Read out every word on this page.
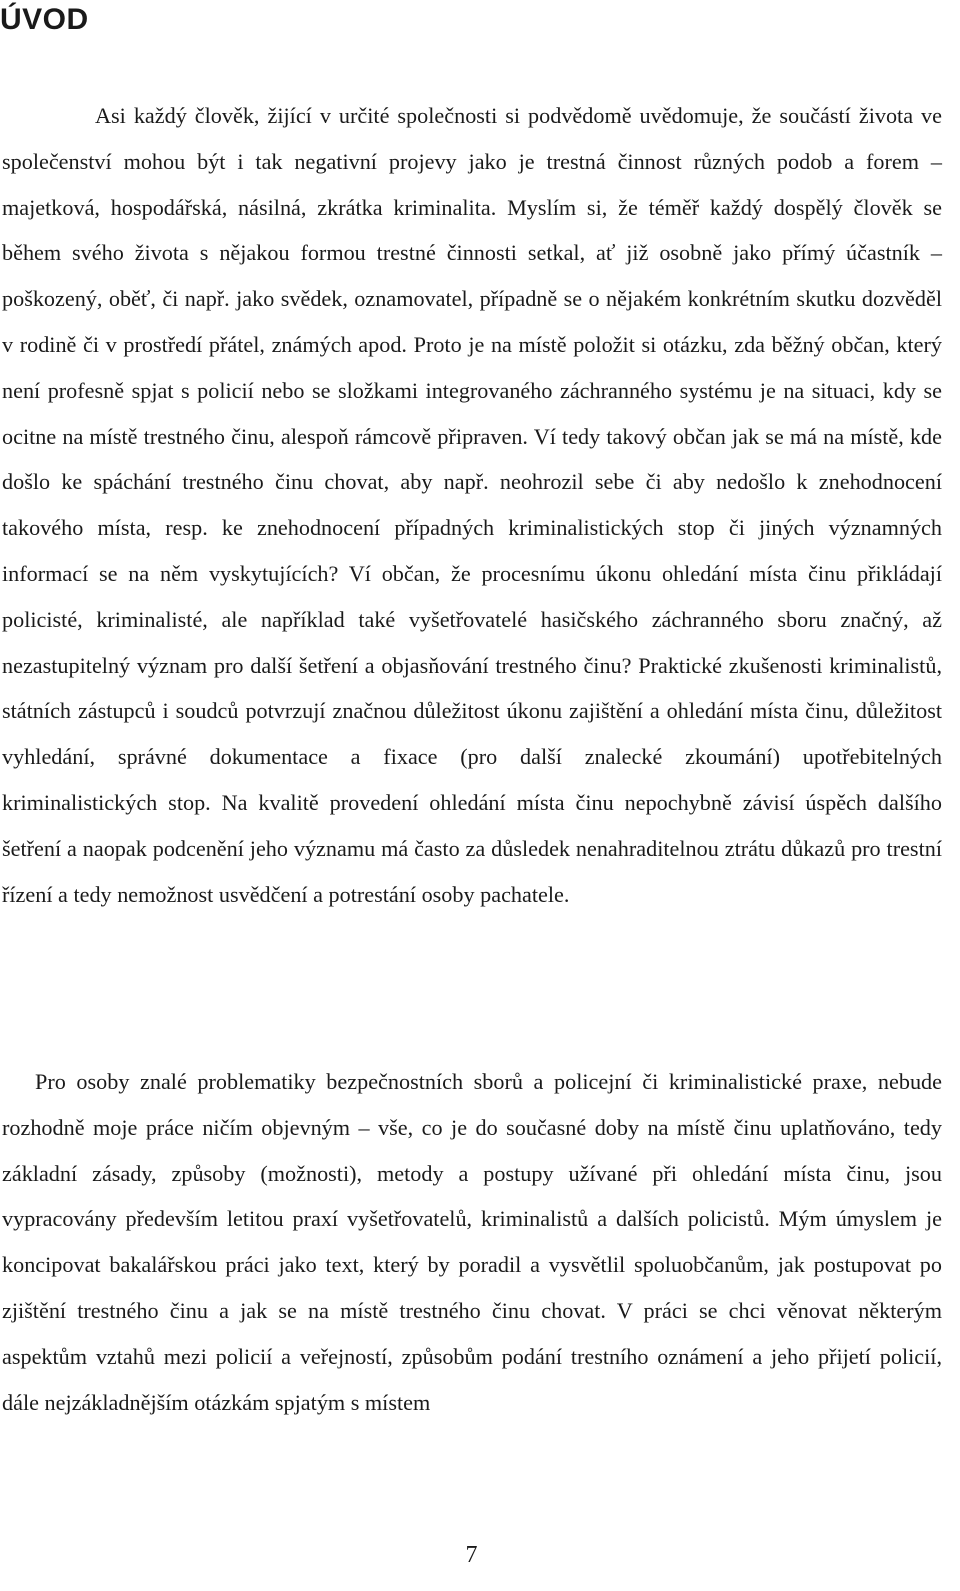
ÚVOD

Asi každý člověk, žijící v určité společnosti si podvědomě uvědomuje, že součástí života ve společenství mohou být i tak negativní projevy jako je trestná činnost různých podob a forem – majetková, hospodářská, násilná, zkrátka kriminalita. Myslím si, že téměř každý dospělý člověk se během svého života s nějakou formou trestné činnosti setkal, ať již osobně jako přímý účastník – poškozený, oběť, či např. jako svědek, oznamovatel, případně se o nějakém konkrétním skutku dozvěděl v rodině či v prostředí přátel, známých apod. Proto je na místě položit si otázku, zda běžný občan, který není profesně spjat s policií nebo se složkami integrovaného záchranného systému je na situaci, kdy se ocitne na místě trestného činu, alespoň rámcově připraven. Ví tedy takový občan jak se má na místě, kde došlo ke spáchání trestného činu chovat, aby např. neohrozil sebe či aby nedošlo k znehodnocení takového místa, resp. ke znehodnocení případných kriminalistických stop či jiných významných informací se na něm vyskytujících? Ví občan, že procesnímu úkonu ohledání místa činu přikládají policisté, kriminalisté, ale například také vyšetřovatelé hasičského záchranného sboru značný, až nezastupitelný význam pro další šetření a objasňování trestného činu? Praktické zkušenosti kriminalistů, státních zástupců i soudců potvrzují značnou důležitost úkonu zajištění a ohledání místa činu, důležitost vyhledání, správné dokumentace a fixace (pro další znalecké zkoumání) upotřebitelných kriminalistických stop. Na kvalitě provedení ohledání místa činu nepochybně závisí úspěch dalšího šetření a naopak podcenění jeho významu má často za důsledek nenahraditelnou ztrátu důkazů pro trestní řízení a tedy nemožnost usvědčení a potrestání osoby pachatele.

Pro osoby znalé problematiky bezpečnostních sborů a policejní či kriminalistické praxe, nebude rozhodně moje práce ničím objevným – vše, co je do současné doby na místě činu uplatňováno, tedy základní zásady, způsoby (možnosti), metody a postupy užívané při ohledání místa činu, jsou vypracovány především letitou praxí vyšetřovatelů, kriminalistů a dalších policistů. Mým úmyslem je koncipovat bakalářskou práci jako text, který by poradil a vysvětlil spoluobčanům, jak postupovat po zjištění trestného činu a jak se na místě trestného činu chovat. V práci se chci věnovat některým aspektům vztahů mezi policií a veřejností, způsobům podání trestního oznámení a jeho přijetí policií, dále nejzákladnějším otázkám spjatým s místem

7
